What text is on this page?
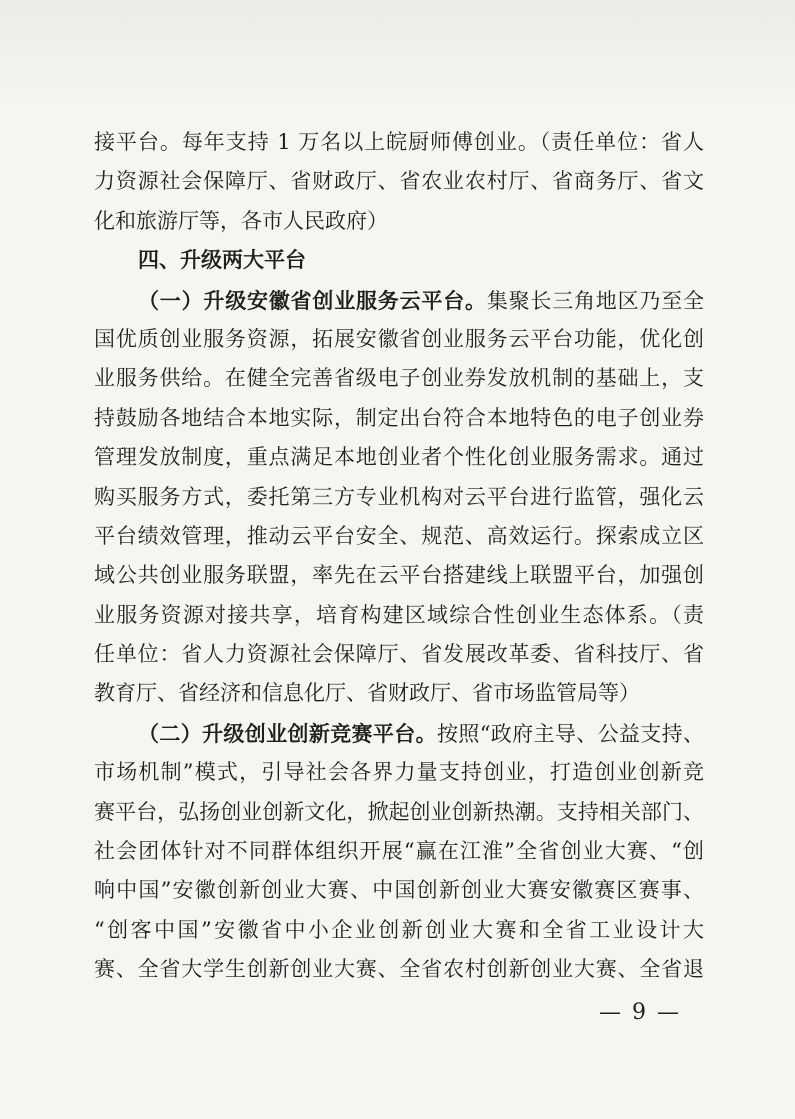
接平台。每年支持 1 万名以上皖厨师傅创业。（责任单位：省人
力资源社会保障厅、省财政厅、省农业农村厅、省商务厅、省文
化和旅游厅等，各市人民政府）
四、升级两大平台
（一）升级安徽省创业服务云平台。集聚长三角地区乃至全
国优质创业服务资源，拓展安徽省创业服务云平台功能，优化创
业服务供给。在健全完善省级电子创业券发放机制的基础上，支
持鼓励各地结合本地实际，制定出台符合本地特色的电子创业券
管理发放制度，重点满足本地创业者个性化创业服务需求。通过
购买服务方式，委托第三方专业机构对云平台进行监管，强化云
平台绩效管理，推动云平台安全、规范、高效运行。探索成立区
域公共创业服务联盟，率先在云平台搭建线上联盟平台，加强创
业服务资源对接共享，培育构建区域综合性创业生态体系。（责
任单位：省人力资源社会保障厅、省发展改革委、省科技厅、省
教育厅、省经济和信息化厅、省财政厅、省市场监管局等）
（二）升级创业创新竞赛平台。按照“政府主导、公益支持、
市场机制”模式，引导社会各界力量支持创业，打造创业创新竞
赛平台，弘扬创业创新文化，掀起创业创新热潮。支持相关部门、
社会团体针对不同群体组织开展“赢在江淮”全省创业大赛、“创
响中国”安徽创新创业大赛、中国创新创业大赛安徽赛区赛事、
“创客中国”安徽省中小企业创新创业大赛和全省工业设计大
赛、全省大学生创新创业大赛、全省农村创新创业大赛、全省退
— 9 —
